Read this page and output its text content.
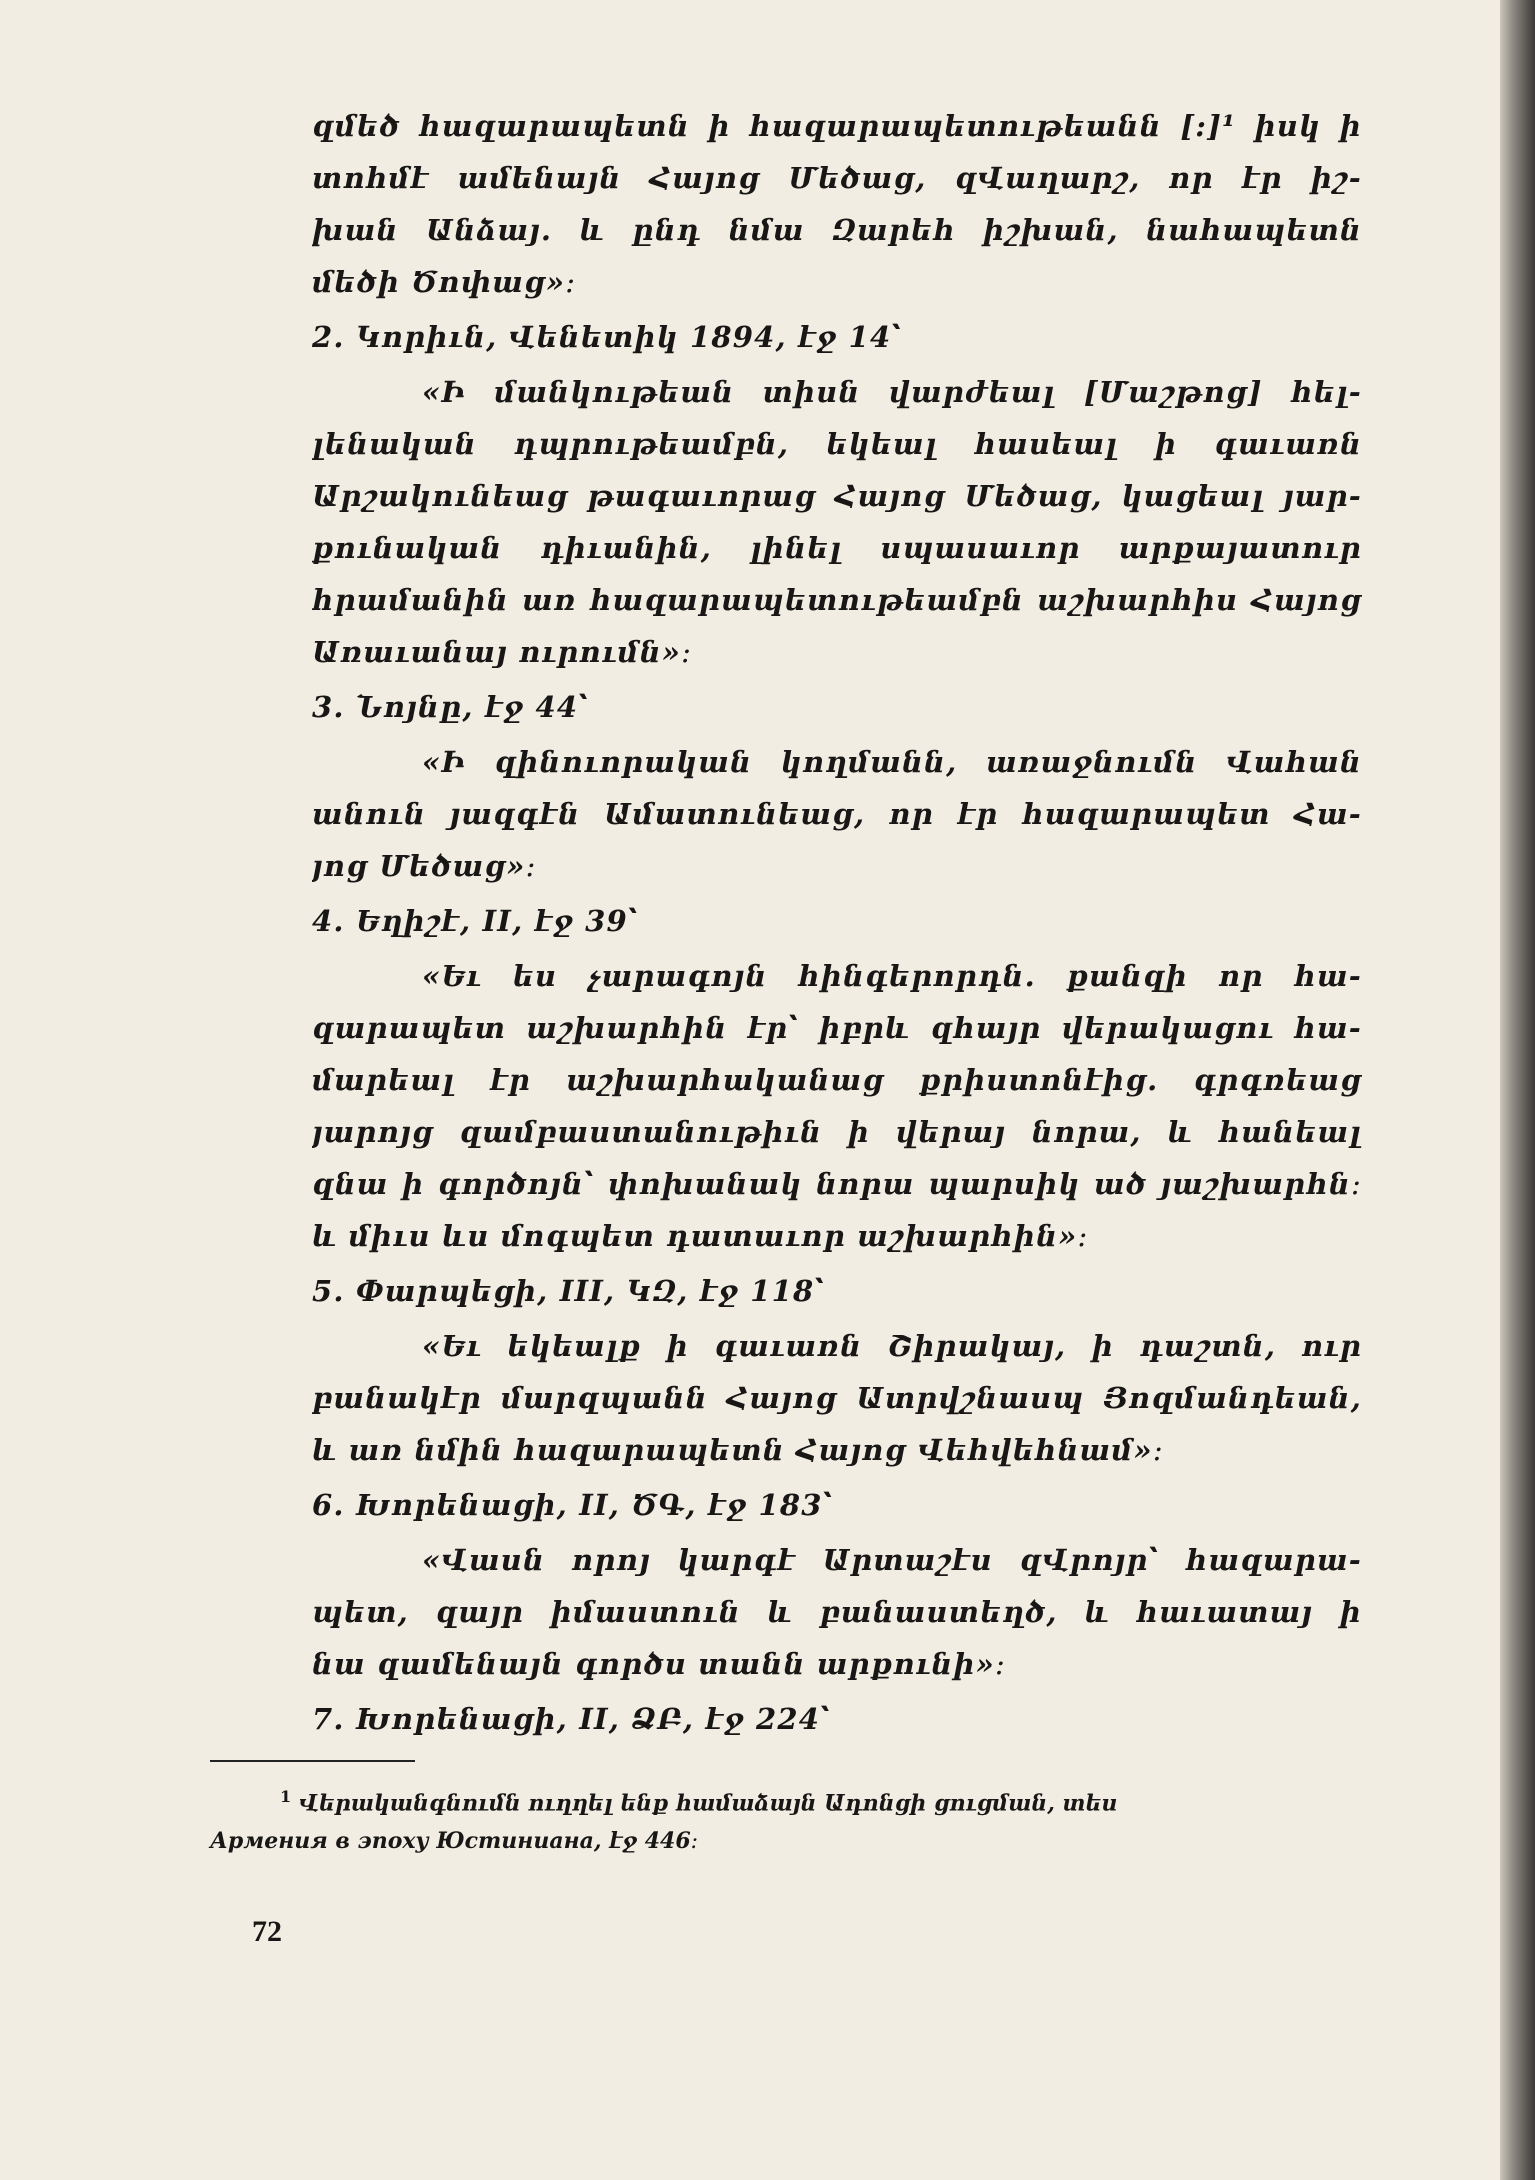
զմեծ հազարապետն ի հազարապետութեանն [:]¹ իսկ ի
տոհմէ ամենայն Հայոց Մեծաց, զՎաղարշ, որ էր իշ-
խան Անձայ․ և ընդ նմա Զարեհ իշխան, նահապետն
մեծի Ծոփաց»։
2. Կորիւն, Վենետիկ 1894, էջ 14՝
«Ի մանկութեան տիսն վարժեալ [Մաշթոց] հել-
լենական դպրութեամբն, եկեալ հասեալ ի գաւառն
Արշակունեաց թագաւորաց Հայոց Մեծաց, կացեալ յար-
քունական դիւանին, լինել սպասաւոր արքայատուր
հրամանին առ հազարապետութեամբն աշխարհիս Հայոց
Առաւանայ ուրումն»։
3. Նոյնը, էջ 44՝
«Ի զինուորական կողմանն, առաջնումն Վահան
անուն յազգէն Ամատունեաց, որ էր հազարապետ Հա-
յոց Մեծաց»։
4. Եղիշէ, II, էջ 39՝
«Եւ ես չարագոյն հինգերորդն․ քանզի որ հա-
զարապետ աշխարհին էր՝ իբրև զհայր վերակացու հա-
մարեալ էր աշխարհականաց քրիստոնէից․ գրգռեաց
յարոյց զամբաստանութիւն ի վերայ նորա, և հանեալ
զնա ի գործոյն՝ փոխանակ նորա պարսիկ ած յաշխարհն։
և միւս ևս մոգպետ դատաւոր աշխարհին»։
5. Փարպեցի, III, ԿԶ, էջ 118՝
«Եւ եկեալք ի գաւառն Շիրակայ, ի դաշտն, ուր
բանակէր մարզպանն Հայոց Ատրվշնասպ Յոզմանդեան,
և առ նմին հազարապետն Հայոց Վեհվեհնամ»։
6. Խորենացի, II, ԾԳ, էջ 183՝
«Վասն որոյ կարգէ Արտաշէս զՎրոյր՝ հազարա-
պետ, զայր իմաստուն և բանաստեղծ, և հաւատայ ի
նա զամենայն գործս տանն արքունի»։
7. Խորենացի, II, ՁԲ, էջ 224՝
$^1$ Վերականգնումն ուղղել ենք համաձայն Ադոնցի ցուցման, տես
Армения в эпоху Юстиниана, էջ 446։
72
